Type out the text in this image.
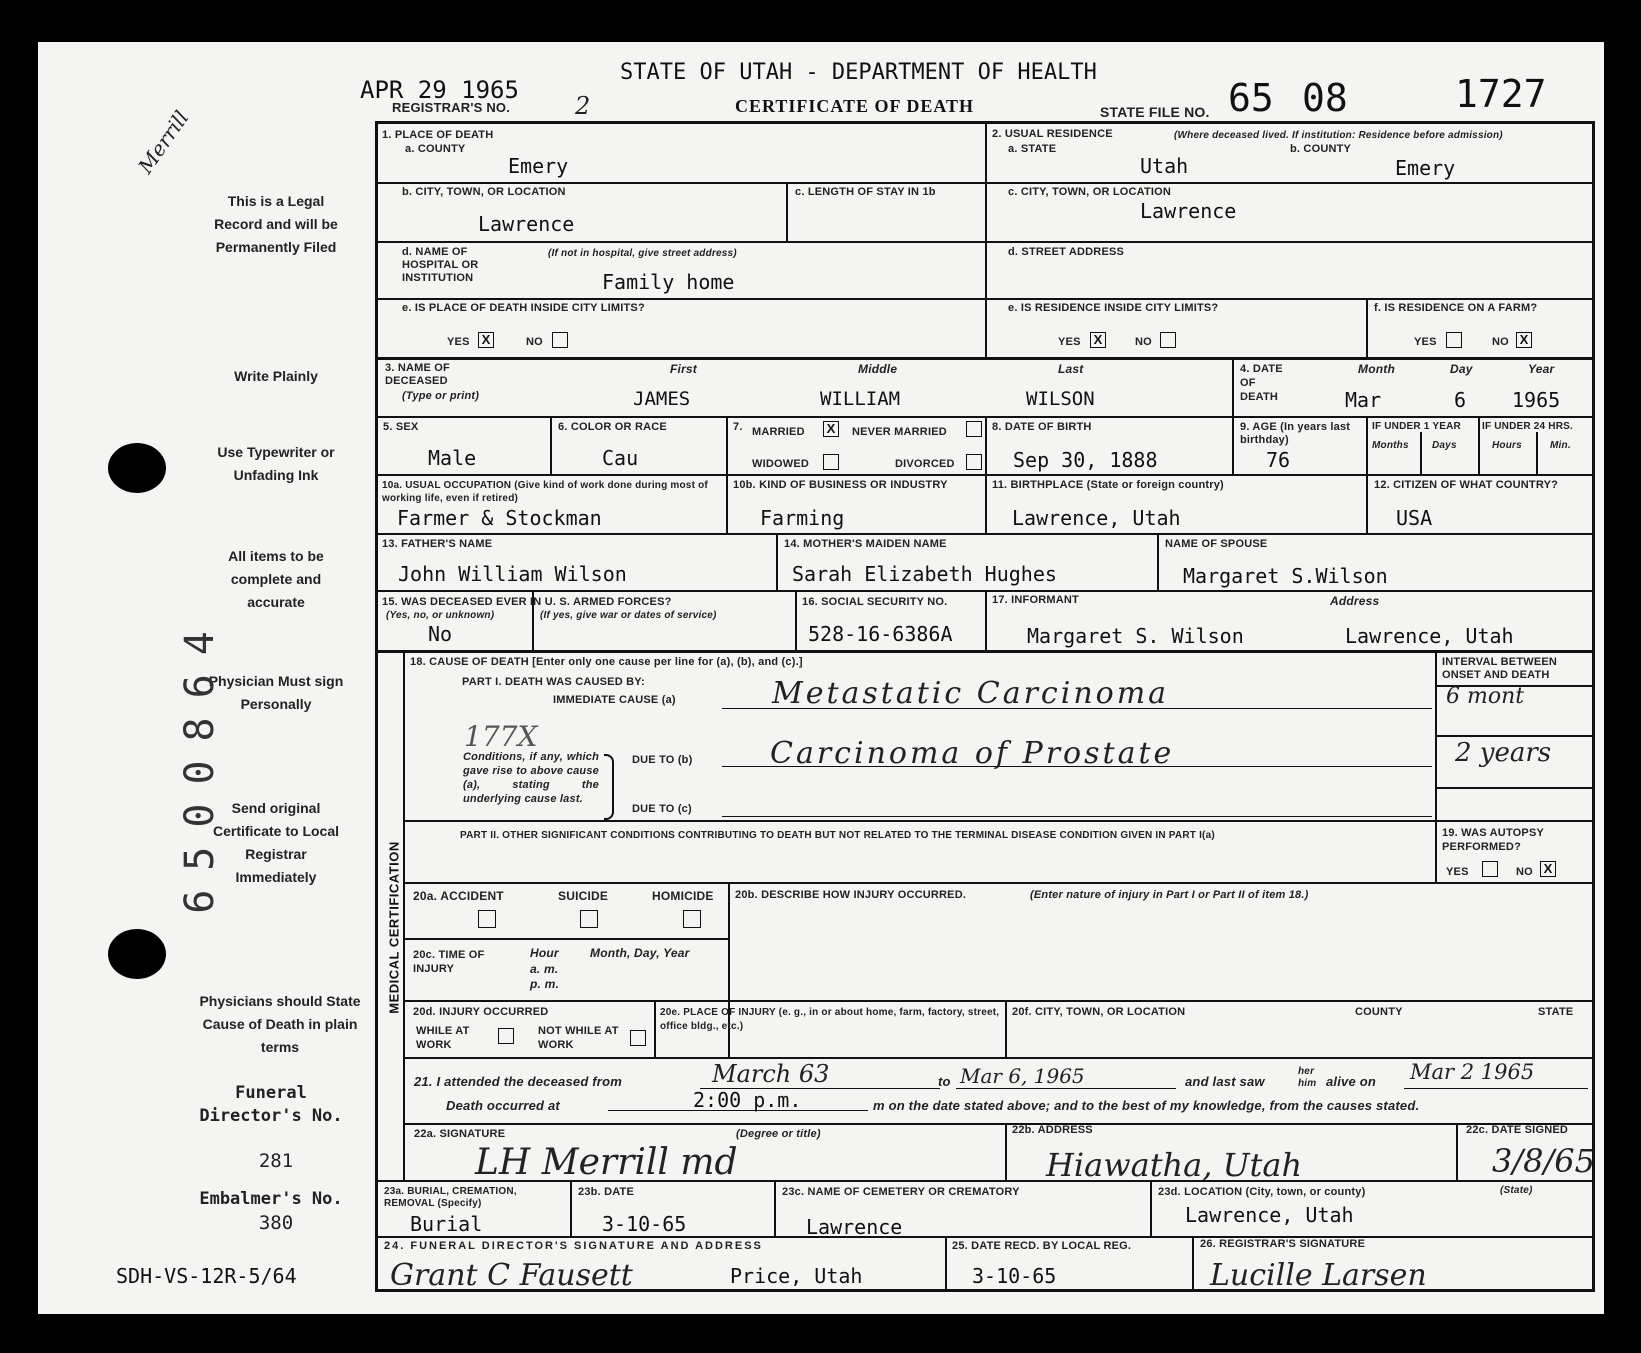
APR 29 1965
REGISTRAR'S NO.	2
STATE OF UTAH - DEPARTMENT OF HEALTH
CERTIFICATE OF DEATH	STATE FILE NO. 65 08	1727
Merrill
This is a Legal Record and will be Permanently Filed
Write Plainly
Use Typewriter or Unfading Ink
All items to be complete and accurate
Physician Must sign Personally
Send original Certificate to Local Registrar Immediately
Physicians should State Cause of Death in plain terms
Funeral Director's No.
281
Embalmer's No.
380
SDH-VS-12R-5/64
6500864
1. PLACE OF DEATH
a. COUNTY
Emery
2. USUAL RESIDENCE	(Where deceased lived. If institution: Residence before admission)
a. STATE	b. COUNTY
Utah	Emery
b. CITY, TOWN, OR LOCATION
Lawrence
c. LENGTH OF STAY IN 1b	c. CITY, TOWN, OR LOCATION
Lawrence
d. NAME OF HOSPITAL OR INSTITUTION
(If not in hospital, give street address)
Family home
d. STREET ADDRESS
e. IS PLACE OF DEATH INSIDE CITY LIMITS?
YES X	NO
e. IS RESIDENCE INSIDE CITY LIMITS?
YES X	NO
f. IS RESIDENCE ON A FARM?
YES	NO X
3. NAME OF DECEASED
(Type or print)
First	Middle	Last
JAMES	WILLIAM	WILSON
4. DATE OF DEATH
Month	Day	Year
Mar	6 1965
5. SEX
Male
6. COLOR OR RACE
Cau
7. MARRIED X	NEVER MARRIED
WIDOWED	DIVORCED
8. DATE OF BIRTH
Sep 30, 1888
9. AGE (In years last birthday)
76
IF UNDER 1 YEAR IF UNDER 24 HRS.
Months Days	Hours	Min.
10a. USUAL OCCUPATION (Give kind of work done during most of working life, even if retired)
Farmer & Stockman
10b. KIND OF BUSINESS OR INDUSTRY
Farming
11. BIRTHPLACE (State or foreign country)
Lawrence, Utah
12. CITIZEN OF WHAT COUNTRY?
USA
13. FATHER'S NAME
John William Wilson
14. MOTHER'S MAIDEN NAME
Sarah Elizabeth Hughes
NAME OF SPOUSE
Margaret S.Wilson
15. WAS DECEASED EVER IN U. S. ARMED FORCES?
(Yes, no, or unknown)	(If yes, give war or dates of service)
No
16. SOCIAL SECURITY NO.
528-16-6386A
17. INFORMANT	Address
Margaret S. Wilson	Lawrence, Utah
MEDICAL CERTIFICATION
18. CAUSE OF DEATH [Enter only one cause per line for (a), (b), and (c).]
PART I. DEATH WAS CAUSED BY:
IMMEDIATE CAUSE (a)	Metastatic Carcinoma
INTERVAL BETWEEN ONSET AND DEATH
6 mont
177X
Conditions, if any, which gave rise to above cause (a), stating the underlying cause last.
DUE TO (b)	Carcinoma of Prostate	2 years
DUE TO (c)
PART II. OTHER SIGNIFICANT CONDITIONS CONTRIBUTING TO DEATH BUT NOT RELATED TO THE TERMINAL DISEASE CONDITION GIVEN IN PART I(a)	19. WAS AUTOPSY PERFORMED?
YES	NO X
20a. ACCIDENT	SUICIDE	HOMICIDE 20b. DESCRIBE HOW INJURY OCCURRED.	(Enter nature of injury in Part I or Part II of item 18.)
20c. TIME OF INJURY
Hour
a. m.
p. m.
Month, Day, Year
20d. INJURY OCCURRED
WHILE AT WORK
NOT WHILE AT WORK
20e. PLACE OF INJURY (e. g., in or about home, farm, factory, street, office bldg., etc.)
20f. CITY, TOWN, OR LOCATION	COUNTY	STATE
21. I attended the deceased from	March 63	to Mar 6, 1965	and last saw
her him alive on Mar 2 1965
Death occurred at	2:00 p.m.	m on the date stated above; and to the best of my knowledge, from the causes stated.
22a. SIGNATURE	(Degree or title)
LH Merrill md
22b. ADDRESS
Hiawatha, Utah
22c. DATE SIGNED
3/8/65
(State)
23a. BURIAL, CREMATION, REMOVAL (Specify)
Burial
23b. DATE
3-10-65
23c. NAME OF CEMETERY OR CREMATORY
Lawrence
23d. LOCATION (City, town, or county)
Lawrence, Utah
24. FUNERAL DIRECTOR'S SIGNATURE AND ADDRESS
Grant C Fausett	Price, Utah
25. DATE RECD. BY LOCAL REG.
3-10-65
26. REGISTRAR'S SIGNATURE
Lucille Larsen
